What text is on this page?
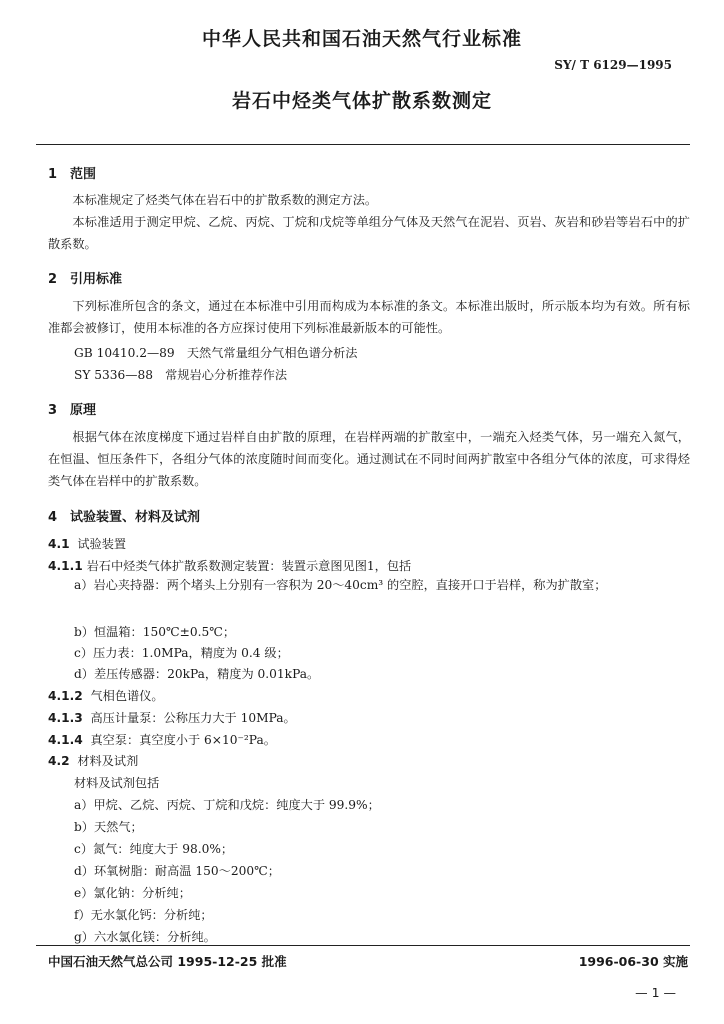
中华人民共和国石油天然气行业标准
SY/ T 6129—1995
岩石中烃类气体扩散系数测定
1 范围
本标准规定了烃类气体在岩石中的扩散系数的测定方法。
本标准适用于测定甲烷、乙烷、丙烷、丁烷和戊烷等单组分气体及天然气在泥岩、页岩、灰岩和砂岩等岩石中的扩散系数。
2 引用标准
下列标准所包含的条文，通过在本标准中引用而构成为本标准的条文。本标准出版时，所示版本均为有效。所有标准都会被修订，使用本标准的各方应探讨使用下列标准最新版本的可能性。
GB 10410.2—89　天然气常量组分气相色谱分析法
SY 5336—88　常规岩心分析推荐作法
3 原理
根据气体在浓度梯度下通过岩样自由扩散的原理，在岩样两端的扩散室中，一端充入烃类气体，另一端充入氮气，在恒温、恒压条件下，各组分气体的浓度随时间而变化。通过测试在不同时间两扩散室中各组分气体的浓度，可求得烃类气体在岩样中的扩散系数。
4 试验装置、材料及试剂
4.1 试验装置
4.1.1 岩石中烃类气体扩散系数测定装置：装置示意图见图1，包括
a）岩心夹持器：两个堵头上分别有一容积为 20～40cm³ 的空腔，直接开口于岩样，称为扩散室；
b）恒温箱：150℃±0.5℃；
c）压力表：1.0MPa，精度为 0.4 级；
d）差压传感器：20kPa，精度为 0.01kPa。
4.1.2 气相色谱仪。
4.1.3 高压计量泵：公称压力大于 10MPa。
4.1.4 真空泵：真空度小于 6×10⁻²Pa。
4.2 材料及试剂
材料及试剂包括
a）甲烷、乙烷、丙烷、丁烷和戊烷：纯度大于 99.9%；
b）天然气；
c）氮气：纯度大于 98.0%；
d）环氧树脂：耐高温 150～200℃；
e）氯化钠：分析纯；
f）无水氯化钙：分析纯；
g）六水氯化镁：分析纯。
中国石油天然气总公司 1995-12-25 批准	1996-06-30 实施
— 1 —
